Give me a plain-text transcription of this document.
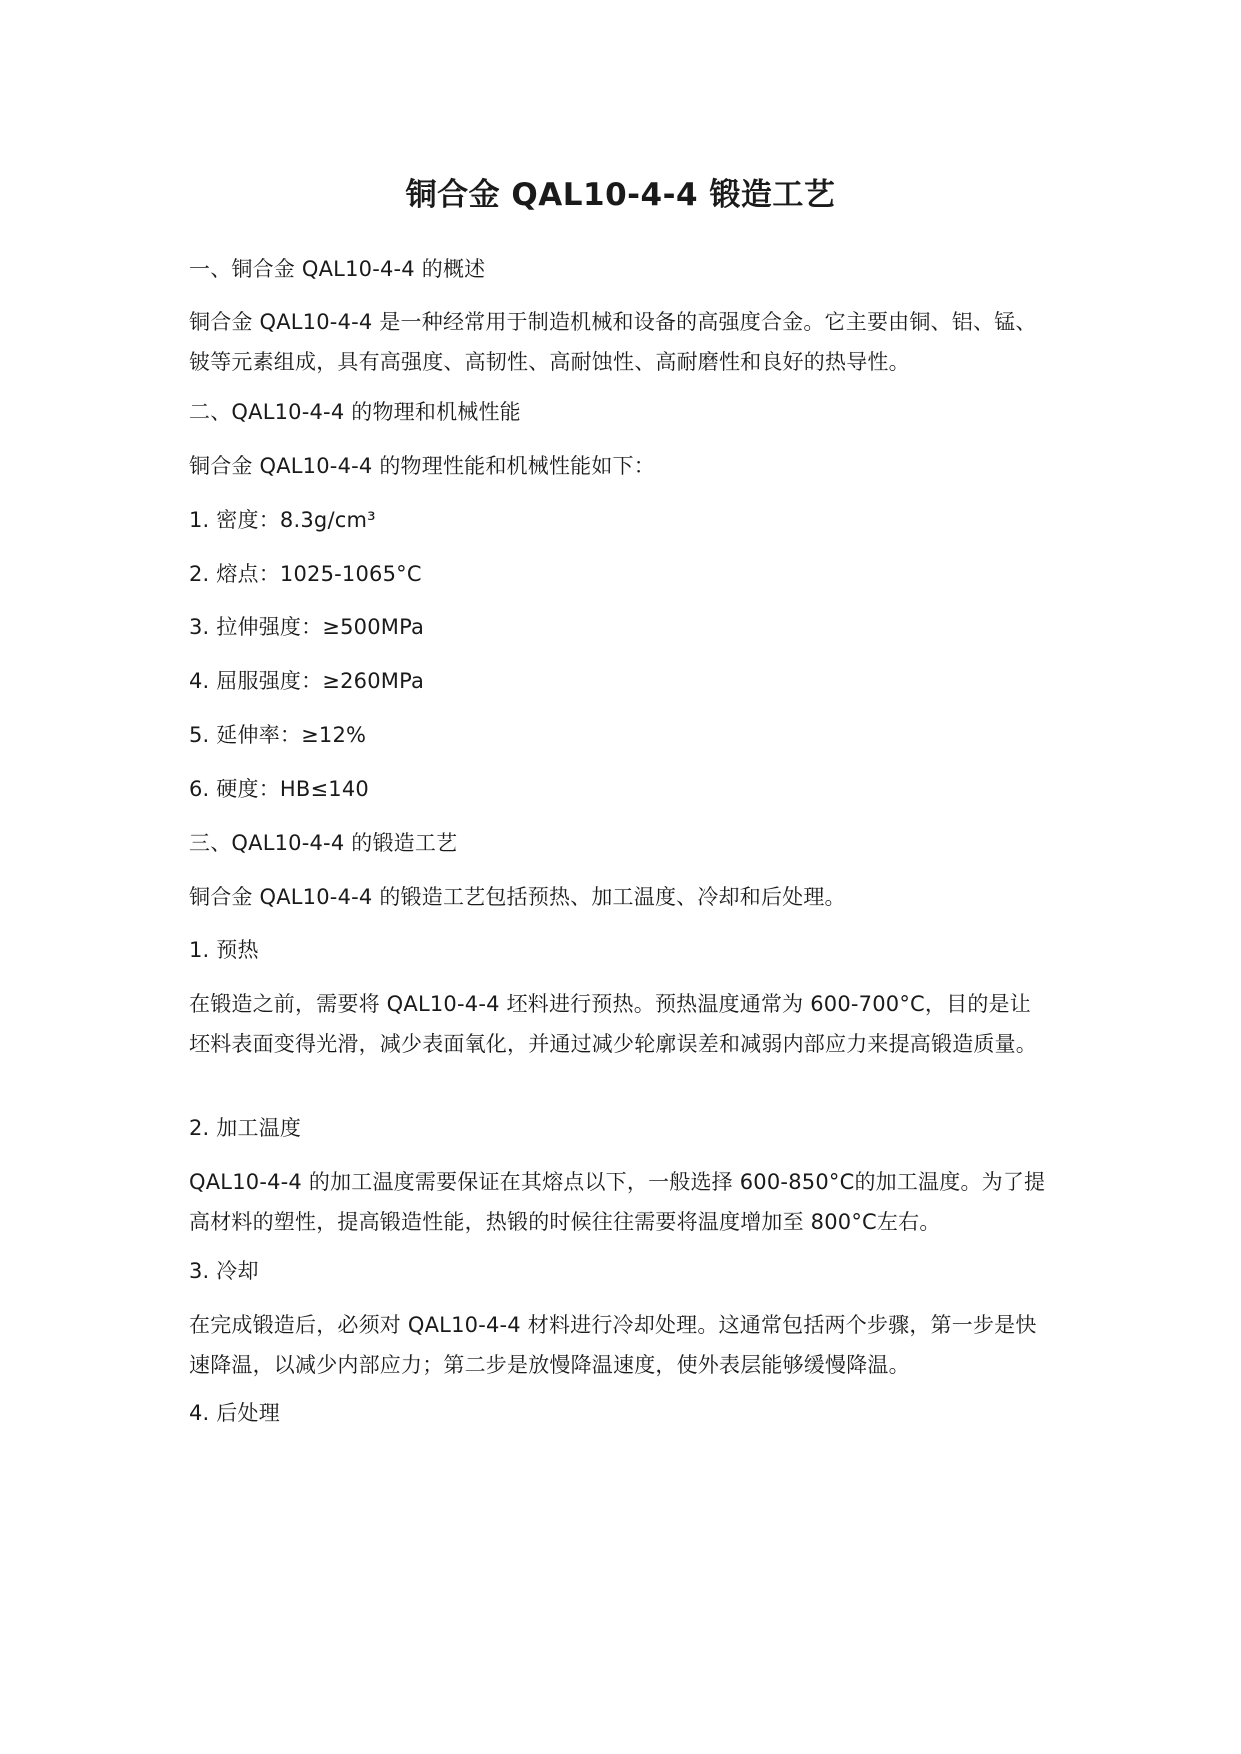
铜合金 QAL10-4-4 锻造工艺

一、铜合金 QAL10-4-4 的概述

铜合金 QAL10-4-4 是一种经常用于制造机械和设备的高强度合金。它主要由铜、铝、锰、铍等元素组成，具有高强度、高韧性、高耐蚀性、高耐磨性和良好的热导性。

二、QAL10-4-4 的物理和机械性能

铜合金 QAL10-4-4 的物理性能和机械性能如下：

1. 密度：8.3g/cm³

2. 熔点：1025-1065°C

3. 拉伸强度：≥500MPa

4. 屈服强度：≥260MPa

5. 延伸率：≥12%

6. 硬度：HB≤140

三、QAL10-4-4 的锻造工艺

铜合金 QAL10-4-4 的锻造工艺包括预热、加工温度、冷却和后处理。

1. 预热

在锻造之前，需要将 QAL10-4-4 坯料进行预热。预热温度通常为 600-700°C，目的是让坯料表面变得光滑，减少表面氧化，并通过减少轮廓误差和减弱内部应力来提高锻造质量。

2. 加工温度

QAL10-4-4 的加工温度需要保证在其熔点以下，一般选择 600-850°C的加工温度。为了提高材料的塑性，提高锻造性能，热锻的时候往往需要将温度增加至 800°C左右。

3. 冷却

在完成锻造后，必须对 QAL10-4-4 材料进行冷却处理。这通常包括两个步骤，第一步是快速降温，以减少内部应力；第二步是放慢降温速度，使外表层能够缓慢降温。

4. 后处理
